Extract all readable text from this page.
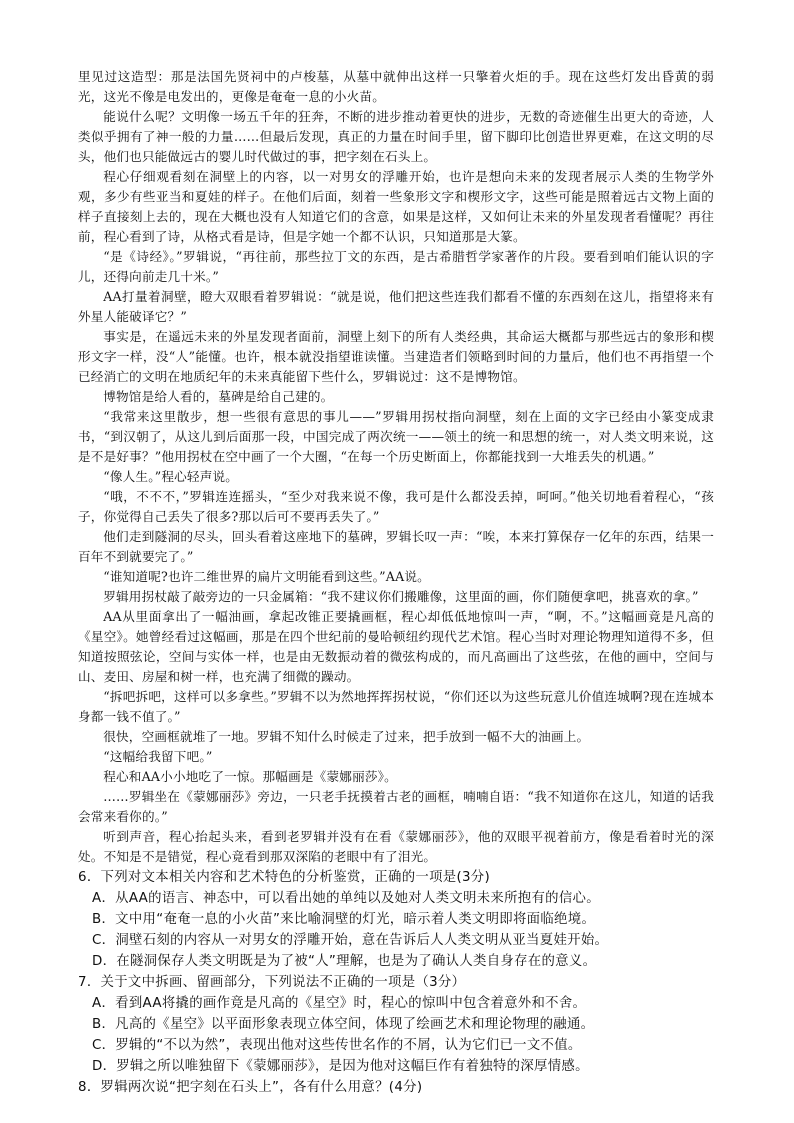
里见过这造型：那是法国先贤祠中的卢梭墓，从墓中就伸出这样一只擎着火炬的手。现在这些灯发出昏黄的弱光，这光不像是电发出的，更像是奄奄一息的小火苗。

能说什么呢？文明像一场五千年的狂奔，不断的进步推动着更快的进步，无数的奇迹催生出更大的奇迹，人类似乎拥有了神一般的力量……但最后发现，真正的力量在时间手里，留下脚印比创造世界更难，在这文明的尽头，他们也只能做远古的婴儿时代做过的事，把字刻在石头上。

程心仔细观看刻在洞壁上的内容，以一对男女的浮雕开始，也许是想向未来的发现者展示人类的生物学外观，多少有些亚当和夏娃的样子。在他们后面，刻着一些象形文字和楔形文字，这些可能是照着远古文物上面的样子直接刻上去的，现在大概也没有人知道它们的含意，如果是这样，又如何让未来的外星发现者看懂呢？再往前，程心看到了诗，从格式看是诗，但是字她一个都不认识，只知道那是大篆。

“是《诗经》。”罗辑说，“再往前，那些拉丁文的东西，是古希腊哲学家著作的片段。要看到咱们能认识的字儿，还得向前走几十米。”

AA打量着洞壁，瞪大双眼看着罗辑说：“就是说，他们把这些连我们都看不懂的东西刻在这儿，指望将来有外星人能破译它？”

事实是，在遥远未来的外星发现者面前，洞壁上刻下的所有人类经典，其命运大概都与那些远古的象形和楔形文字一样，没“人”能懂。也许，根本就没指望谁读懂。当建造者们领略到时间的力量后，他们也不再指望一个已经消亡的文明在地质纪年的未来真能留下些什么，罗辑说过：这不是博物馆。

博物馆是给人看的，墓碑是给自己建的。

“我常来这里散步，想一些很有意思的事儿——”罗辑用拐杖指向洞壁，刻在上面的文字已经由小篆变成隶书，“到汉朝了，从这儿到后面那一段，中国完成了两次统一——领土的统一和思想的统一，对人类文明来说，这是不是好事？”他用拐杖在空中画了一个大圈，“在每一个历史断面上，你都能找到一大堆丢失的机遇。”

“像人生。”程心轻声说。

“哦，不不不，”罗辑连连摇头，“至少对我来说不像，我可是什么都没丢掉，呵呵。”他关切地看着程心，“孩子，你觉得自己丢失了很多?那以后可不要再丢失了。”

他们走到隧洞的尽头，回头看着这座地下的墓碑，罗辑长叹一声：“唉，本来打算保存一亿年的东西，结果一百年不到就要完了。”

“谁知道呢?也许二维世界的扁片文明能看到这些。”AA说。

罗辑用拐杖敲了敲旁边的一只金属箱：“我不建议你们搬雕像，这里面的画，你们随便拿吧，挑喜欢的拿。”

AA从里面拿出了一幅油画，拿起改锥正要撬画框，程心却低低地惊叫一声，“啊，不。”这幅画竟是凡高的《星空》。她曾经看过这幅画，那是在四个世纪前的曼哈顿纽约现代艺术馆。程心当时对理论物理知道得不多，但知道按照弦论，空间与实体一样，也是由无数振动着的微弦构成的，而凡高画出了这些弦，在他的画中，空间与山、麦田、房屋和树一样，也充满了细微的躁动。

“拆吧拆吧，这样可以多拿些。”罗辑不以为然地挥挥拐杖说，“你们还以为这些玩意儿价值连城啊?现在连城本身都一钱不值了。”

很快，空画框就堆了一地。罗辑不知什么时候走了过来，把手放到一幅不大的油画上。

“这幅给我留下吧。”

程心和AA小小地吃了一惊。那幅画是《蒙娜丽莎》。

……罗辑坐在《蒙娜丽莎》旁边，一只老手抚摸着古老的画框，喃喃自语：“我不知道你在这儿，知道的话我会常来看你的。”

听到声音，程心抬起头来，看到老罗辑并没有在看《蒙娜丽莎》，他的双眼平视着前方，像是看着时光的深处。不知是不是错觉，程心竟看到那双深陷的老眼中有了泪光。

6．下列对文本相关内容和艺术特色的分析鉴赏，正确的一项是(3分)

A．从AA的语言、神态中，可以看出她的单纯以及她对人类文明未来所抱有的信心。

B．文中用“奄奄一息的小火苗”来比喻洞壁的灯光，暗示着人类文明即将面临绝境。

C．洞壁石刻的内容从一对男女的浮雕开始，意在告诉后人人类文明从亚当夏娃开始。

D．在隧洞保存人类文明既是为了被“人”理解，也是为了确认人类自身存在的意义。

7．关于文中拆画、留画部分，下列说法不正确的一项是（3分）

A．看到AA将撬的画作竟是凡高的《星空》时，程心的惊叫中包含着意外和不舍。

B．凡高的《星空》以平面形象表现立体空间，体现了绘画艺术和理论物理的融通。

C．罗辑的“不以为然”，表现出他对这些传世名作的不屑，认为它们已一文不值。

D．罗辑之所以唯独留下《蒙娜丽莎》，是因为他对这幅巨作有着独特的深厚情感。

8．罗辑两次说“把字刻在石头上”，各有什么用意？(4分)
